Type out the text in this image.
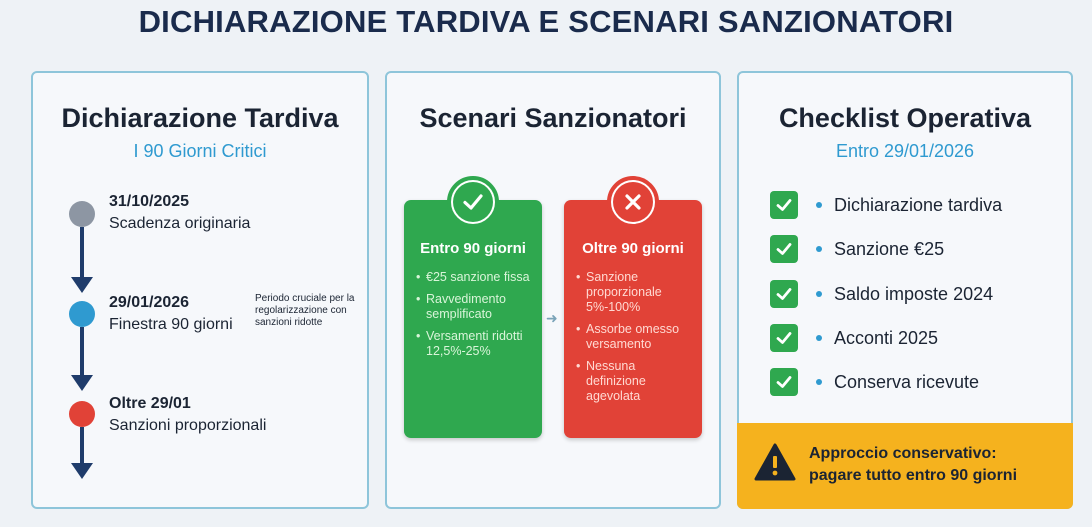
DICHIARAZIONE TARDIVA E SCENARI SANZIONATORI
Dichiarazione Tardiva
I 90 Giorni Critici
31/10/2025
Scadenza originaria
29/01/2026
Finestra 90 giorni
Periodo cruciale per la regolarizzazione con sanzioni ridotte
Oltre 29/01
Sanzioni proporzionali
Scenari Sanzionatori
Entro 90 giorni
• €25 sanzione fissa
• Ravvedimento semplificato
• Versamenti ridotti 12,5%-25%
➜
Oltre 90 giorni
• Sanzione proporzionale 5%-100%
• Assorbe omesso versamento
• Nessuna definizione agevolata
Checklist Operativa
Entro 29/01/2026
Dichiarazione tardiva
Sanzione €25
Saldo imposte 2024
Acconti 2025
Conserva ricevute
Approccio conservativo:
pagare tutto entro 90 giorni
